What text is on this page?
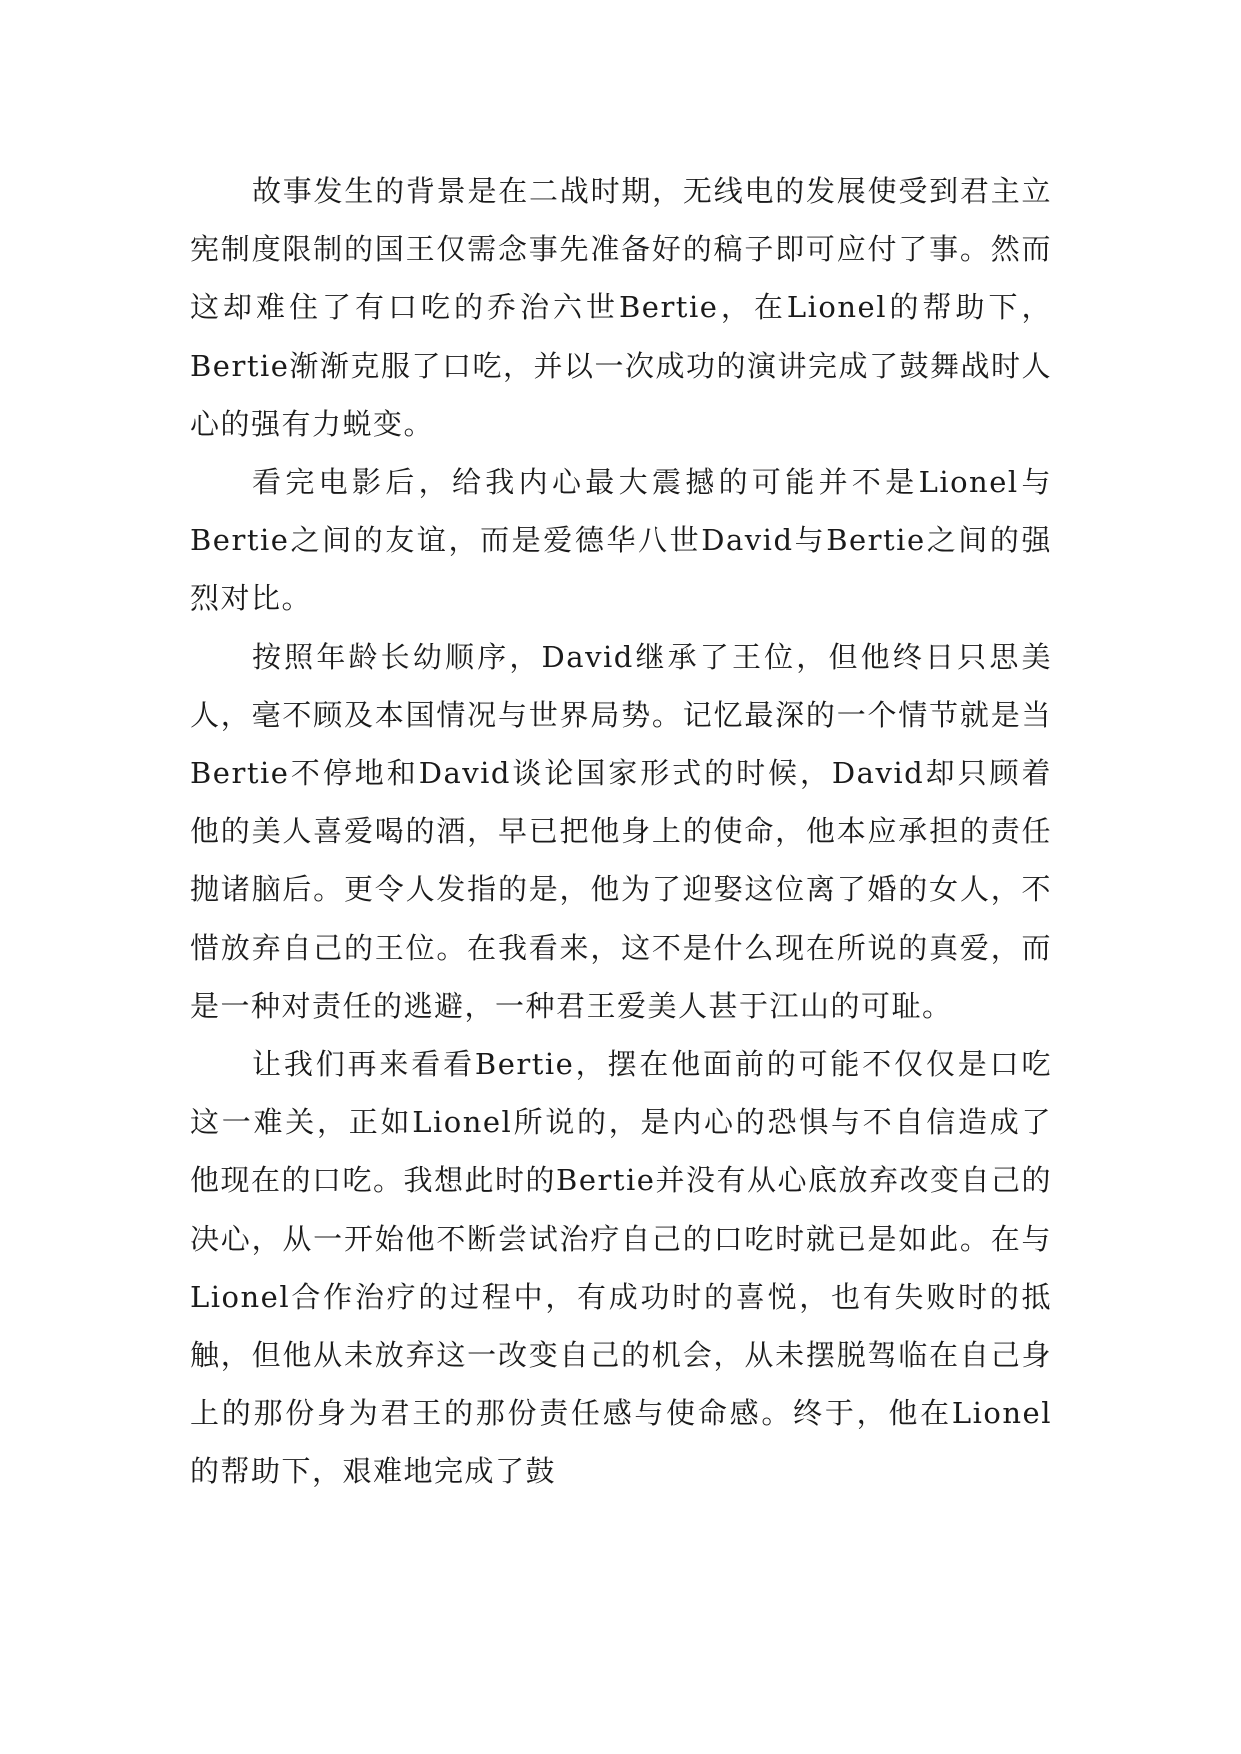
故事发生的背景是在二战时期，无线电的发展使受到君主立宪制度限制的国王仅需念事先准备好的稿子即可应付了事。然而这却难住了有口吃的乔治六世Bertie，在Lionel的帮助下，Bertie渐渐克服了口吃，并以一次成功的演讲完成了鼓舞战时人心的强有力蜕变。

看完电影后，给我内心最大震撼的可能并不是Lionel与Bertie之间的友谊，而是爱德华八世David与Bertie之间的强烈对比。

按照年龄长幼顺序，David继承了王位，但他终日只思美人，毫不顾及本国情况与世界局势。记忆最深的一个情节就是当Bertie不停地和David谈论国家形式的时候，David却只顾着他的美人喜爱喝的酒，早已把他身上的使命，他本应承担的责任抛诸脑后。更令人发指的是，他为了迎娶这位离了婚的女人，不惜放弃自己的王位。在我看来，这不是什么现在所说的真爱，而是一种对责任的逃避，一种君王爱美人甚于江山的可耻。

让我们再来看看Bertie，摆在他面前的可能不仅仅是口吃这一难关，正如Lionel所说的，是内心的恐惧与不自信造成了他现在的口吃。我想此时的Bertie并没有从心底放弃改变自己的决心，从一开始他不断尝试治疗自己的口吃时就已是如此。在与Lionel合作治疗的过程中，有成功时的喜悦，也有失败时的抵触，但他从未放弃这一改变自己的机会，从未摆脱驾临在自己身上的那份身为君王的那份责任感与使命感。终于，他在Lionel的帮助下，艰难地完成了鼓
